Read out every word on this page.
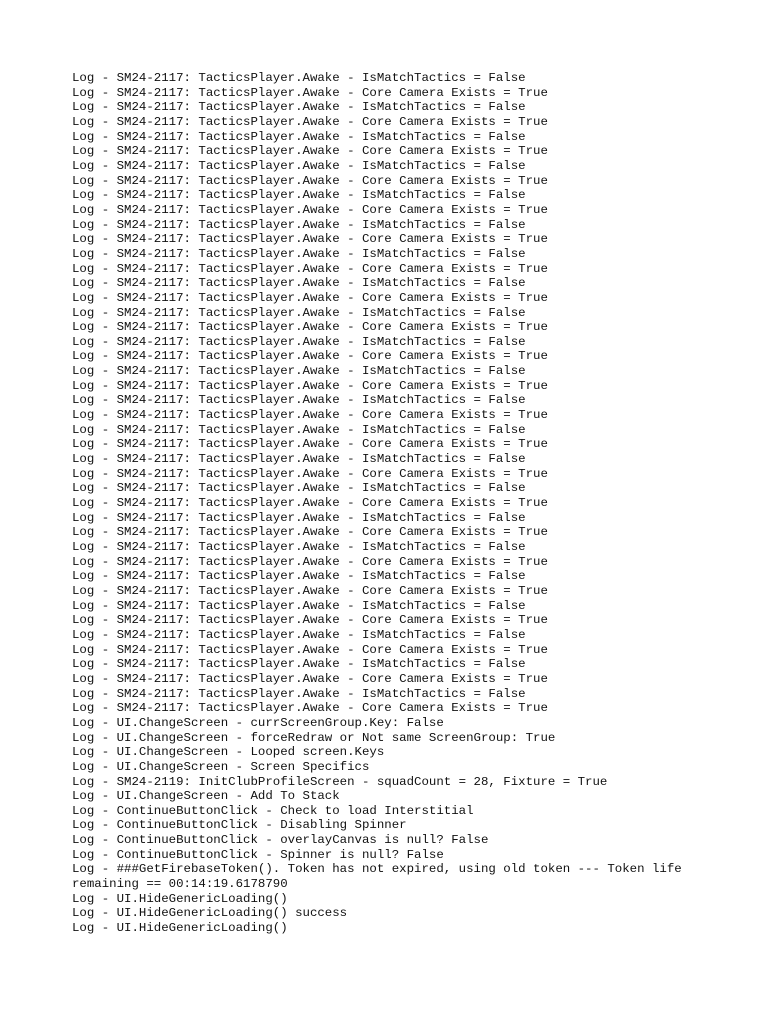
Log - SM24-2117: TacticsPlayer.Awake - IsMatchTactics = False
Log - SM24-2117: TacticsPlayer.Awake - Core Camera Exists = True
Log - SM24-2117: TacticsPlayer.Awake - IsMatchTactics = False
Log - SM24-2117: TacticsPlayer.Awake - Core Camera Exists = True
Log - SM24-2117: TacticsPlayer.Awake - IsMatchTactics = False
Log - SM24-2117: TacticsPlayer.Awake - Core Camera Exists = True
Log - SM24-2117: TacticsPlayer.Awake - IsMatchTactics = False
Log - SM24-2117: TacticsPlayer.Awake - Core Camera Exists = True
Log - SM24-2117: TacticsPlayer.Awake - IsMatchTactics = False
Log - SM24-2117: TacticsPlayer.Awake - Core Camera Exists = True
Log - SM24-2117: TacticsPlayer.Awake - IsMatchTactics = False
Log - SM24-2117: TacticsPlayer.Awake - Core Camera Exists = True
Log - SM24-2117: TacticsPlayer.Awake - IsMatchTactics = False
Log - SM24-2117: TacticsPlayer.Awake - Core Camera Exists = True
Log - SM24-2117: TacticsPlayer.Awake - IsMatchTactics = False
Log - SM24-2117: TacticsPlayer.Awake - Core Camera Exists = True
Log - SM24-2117: TacticsPlayer.Awake - IsMatchTactics = False
Log - SM24-2117: TacticsPlayer.Awake - Core Camera Exists = True
Log - SM24-2117: TacticsPlayer.Awake - IsMatchTactics = False
Log - SM24-2117: TacticsPlayer.Awake - Core Camera Exists = True
Log - SM24-2117: TacticsPlayer.Awake - IsMatchTactics = False
Log - SM24-2117: TacticsPlayer.Awake - Core Camera Exists = True
Log - SM24-2117: TacticsPlayer.Awake - IsMatchTactics = False
Log - SM24-2117: TacticsPlayer.Awake - Core Camera Exists = True
Log - SM24-2117: TacticsPlayer.Awake - IsMatchTactics = False
Log - SM24-2117: TacticsPlayer.Awake - Core Camera Exists = True
Log - SM24-2117: TacticsPlayer.Awake - IsMatchTactics = False
Log - SM24-2117: TacticsPlayer.Awake - Core Camera Exists = True
Log - SM24-2117: TacticsPlayer.Awake - IsMatchTactics = False
Log - SM24-2117: TacticsPlayer.Awake - Core Camera Exists = True
Log - SM24-2117: TacticsPlayer.Awake - IsMatchTactics = False
Log - SM24-2117: TacticsPlayer.Awake - Core Camera Exists = True
Log - SM24-2117: TacticsPlayer.Awake - IsMatchTactics = False
Log - SM24-2117: TacticsPlayer.Awake - Core Camera Exists = True
Log - SM24-2117: TacticsPlayer.Awake - IsMatchTactics = False
Log - SM24-2117: TacticsPlayer.Awake - Core Camera Exists = True
Log - SM24-2117: TacticsPlayer.Awake - IsMatchTactics = False
Log - SM24-2117: TacticsPlayer.Awake - Core Camera Exists = True
Log - SM24-2117: TacticsPlayer.Awake - IsMatchTactics = False
Log - SM24-2117: TacticsPlayer.Awake - Core Camera Exists = True
Log - SM24-2117: TacticsPlayer.Awake - IsMatchTactics = False
Log - SM24-2117: TacticsPlayer.Awake - Core Camera Exists = True
Log - SM24-2117: TacticsPlayer.Awake - IsMatchTactics = False
Log - SM24-2117: TacticsPlayer.Awake - Core Camera Exists = True
Log - UI.ChangeScreen - currScreenGroup.Key: False
Log - UI.ChangeScreen - forceRedraw or Not same ScreenGroup: True
Log - UI.ChangeScreen - Looped screen.Keys
Log - UI.ChangeScreen - Screen Specifics
Log - SM24-2119: InitClubProfileScreen - squadCount = 28, Fixture = True
Log - UI.ChangeScreen - Add To Stack
Log - ContinueButtonClick - Check to load Interstitial
Log - ContinueButtonClick - Disabling Spinner
Log - ContinueButtonClick - overlayCanvas is null? False
Log - ContinueButtonClick - Spinner is null? False
Log - ###GetFirebaseToken(). Token has not expired, using old token --- Token life
remaining == 00:14:19.6178790
Log - UI.HideGenericLoading()
Log - UI.HideGenericLoading() success
Log - UI.HideGenericLoading()
